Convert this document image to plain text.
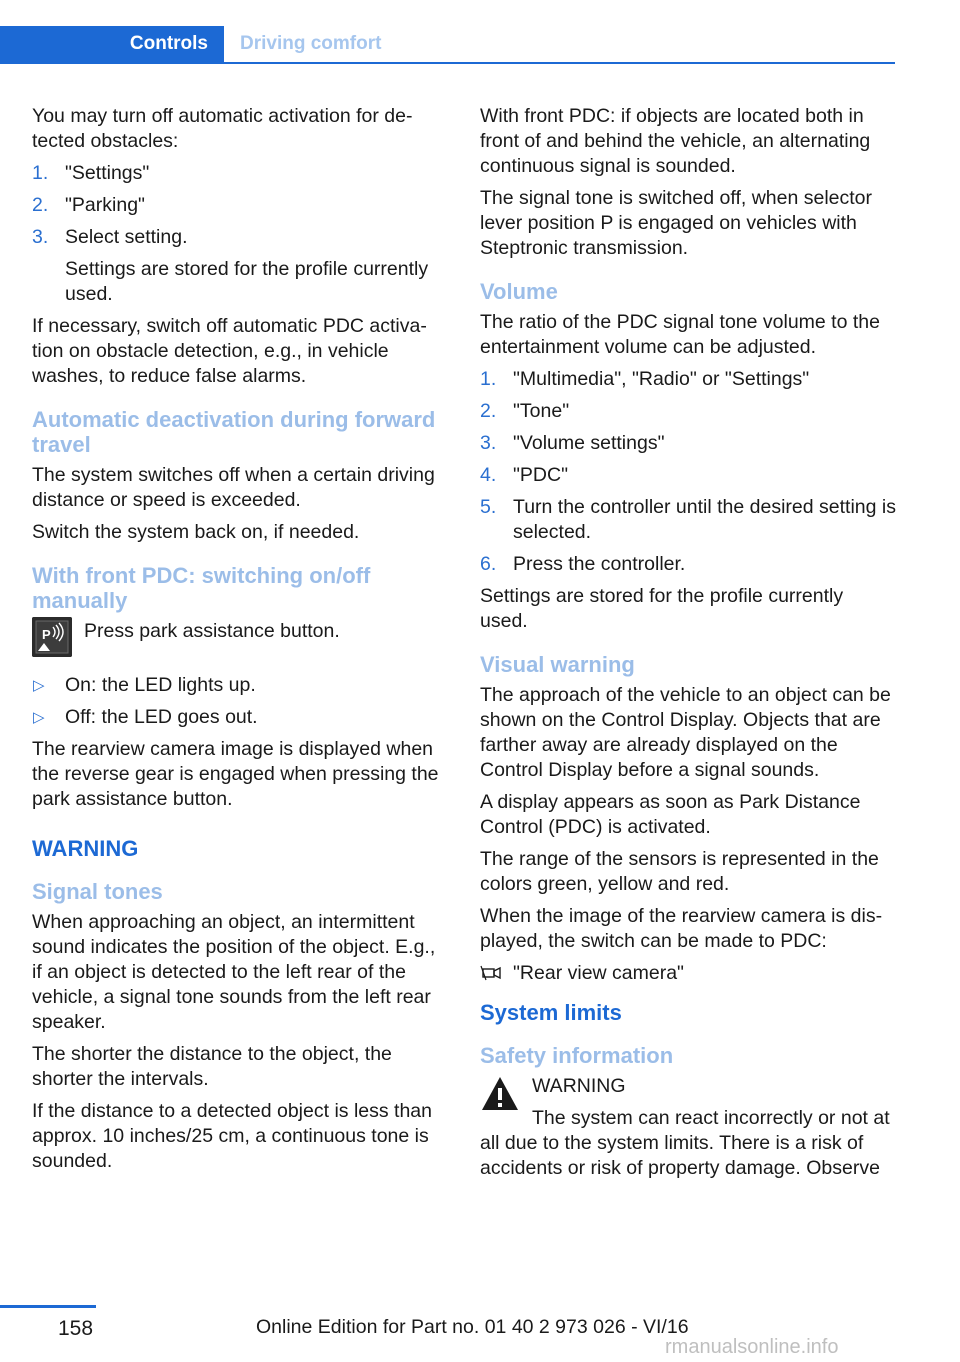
Controls	Driving comfort

You may turn off automatic activation for detected obstacles:

1. "Settings"
2. "Parking"
3. Select setting.
Settings are stored for the profile currently used.

If necessary, switch off automatic PDC activation on obstacle detection, e.g., in vehicle washes, to reduce false alarms.

Automatic deactivation during forward travel

The system switches off when a certain driving distance or speed is exceeded.

Switch the system back on, if needed.

With front PDC: switching on/off manually
P Press park assistance button.
▷ On: the LED lights up.
▷ Off: the LED goes out.

The rearview camera image is displayed when the reverse gear is engaged when pressing the park assistance button.

WARNING
Signal tones

When approaching an object, an intermittent sound indicates the position of the object. E.g., if an object is detected to the left rear of the vehicle, a signal tone sounds from the left rear speaker.

The shorter the distance to the object, the shorter the intervals.

If the distance to a detected object is less than approx. 10 inches/25 cm, a continuous tone is sounded.

With front PDC: if objects are located both in front of and behind the vehicle, an alternating continuous signal is sounded.

The signal tone is switched off, when selector lever position P is engaged on vehicles with Steptronic transmission.

Volume

The ratio of the PDC signal tone volume to the entertainment volume can be adjusted.

1. "Multimedia", "Radio" or "Settings"
2. "Tone"
3. "Volume settings"
4. "PDC"
5. Turn the controller until the desired setting is selected.
6. Press the controller.

Settings are stored for the profile currently used.

Visual warning

The approach of the vehicle to an object can be shown on the Control Display. Objects that are farther away are already displayed on the Control Display before a signal sounds.

A display appears as soon as Park Distance Control (PDC) is activated.

The range of the sensors is represented in the colors green, yellow and red.

When the image of the rearview camera is displayed, the switch can be made to PDC:

"Rear view camera"
System limits
Safety information

WARNING

The system can react incorrectly or not at all due to the system limits. There is a risk of accidents or risk of property damage. Observe

158	Online Edition for Part no. 01 40 2 973 026 - VI/16
rmanualsonline.info
